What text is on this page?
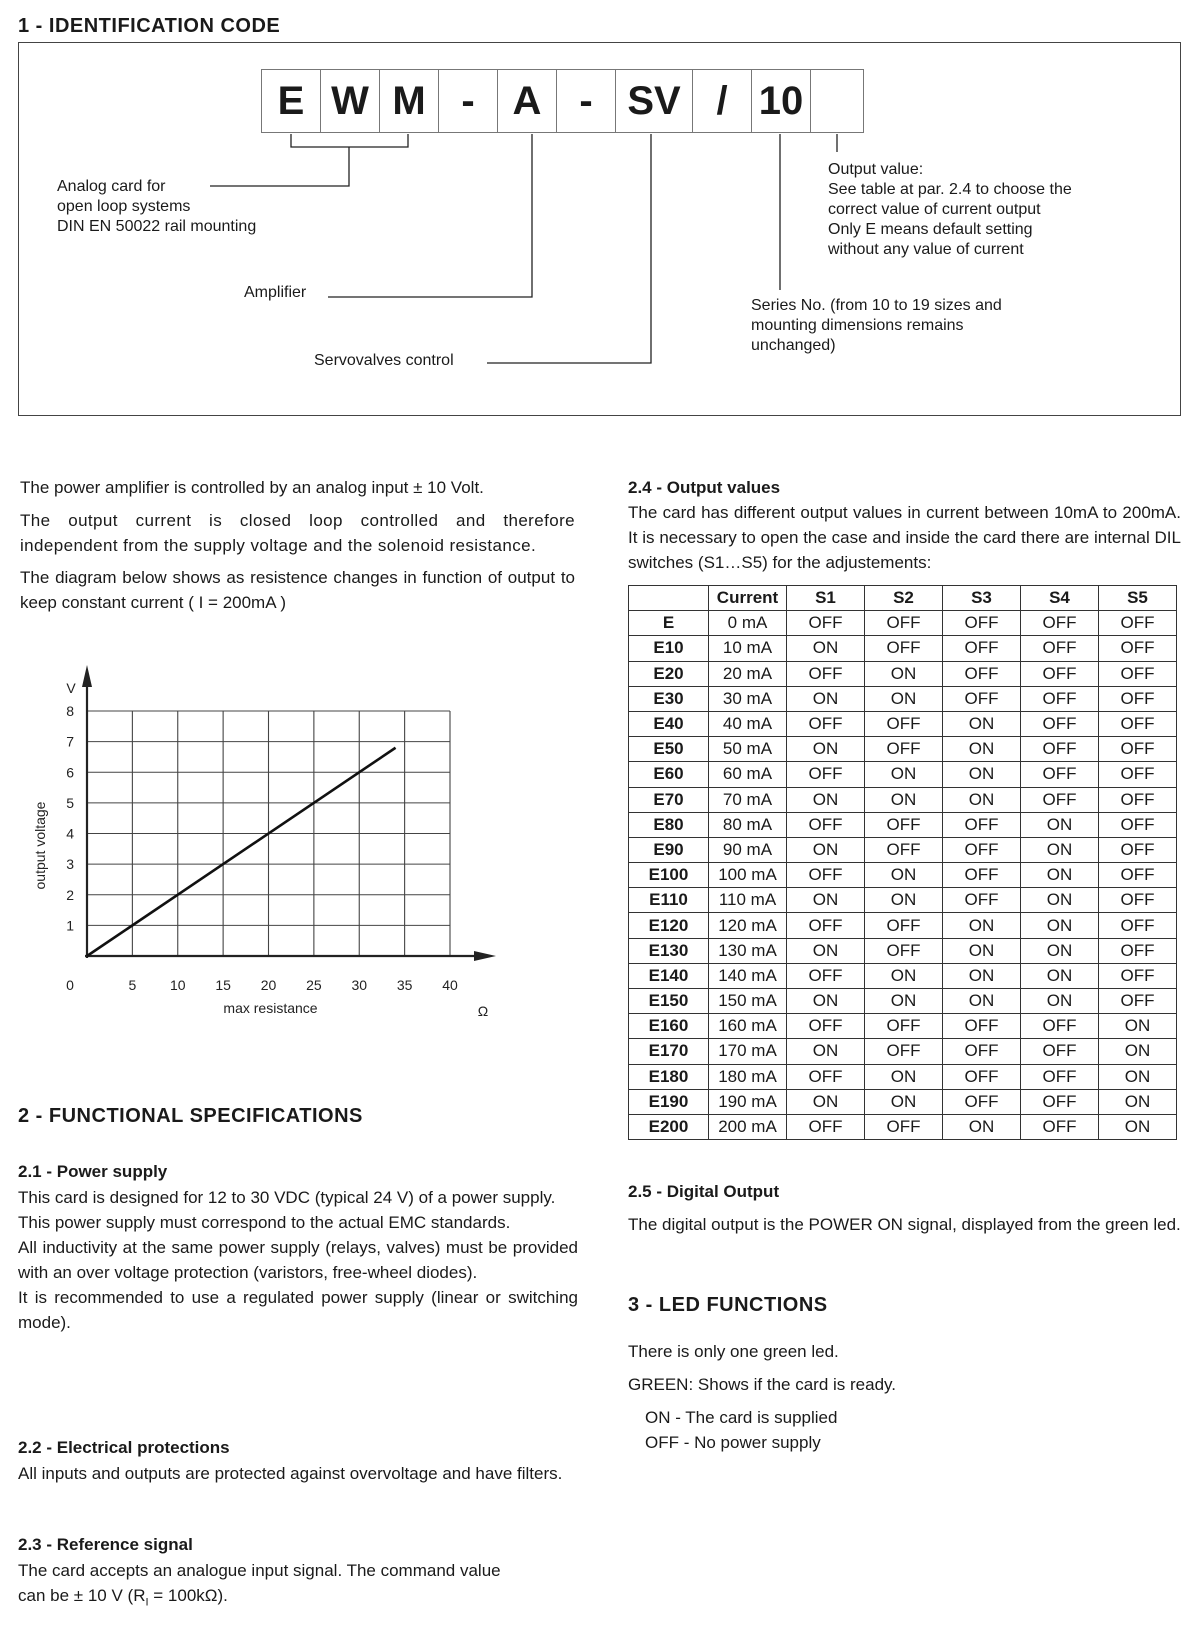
1 - IDENTIFICATION CODE
E W M - A - SV / 10
Analog card for
open loop systems
DIN EN 50022 rail mounting
Amplifier
Servovalves control
Output value:
See table at par. 2.4 to choose the
correct value of current output
Only E means default setting
without any value of current
Series No. (from 10 to 19 sizes and
mounting dimensions remains
unchanged)
The power amplifier is controlled by an analog input ± 10 Volt.
The output current is closed loop controlled and therefore independent from the supply voltage and the solenoid resistance.
The diagram below shows as resistence changes in function of output to keep constant current ( I = 200mA )
0	5 10 15 20 25 30 35 40
1
2
3
4
5
6
7
8
max resistance	Ω
V
output voltage
2 - FUNCTIONAL SPECIFICATIONS
2.1 - Power supply
This card is designed for 12 to 30 VDC (typical 24 V) of a power supply. This power supply must correspond to the actual EMC standards.
All inductivity at the same power supply (relays, valves) must be provided with an over voltage protection (varistors, free-wheel diodes).
It is recommended to use a regulated power supply (linear or switching mode).
2.2 - Electrical protections
All inputs and outputs are protected against overvoltage and have filters.
2.3 - Reference signal
The card accepts an analogue input signal. The command value
can be ± 10 V $(R_I = 100k\Omega)$.
2.4 - Output values
The card has different output values in current between 10mA to 200mA. It is necessary to open the case and inside the card there are internal DIL switches (S1…S5) for the adjustements:
	Current	S1	S2	S3	S4	S5
E	0 mA	OFF	OFF	OFF	OFF	OFF
E10	10 mA	ON	OFF	OFF	OFF	OFF
E20	20 mA	OFF	ON	OFF	OFF	OFF
E30	30 mA	ON	ON	OFF	OFF	OFF
E40	40 mA	OFF	OFF	ON	OFF	OFF
E50	50 mA	ON	OFF	ON	OFF	OFF
E60	60 mA	OFF	ON	ON	OFF	OFF
E70	70 mA	ON	ON	ON	OFF	OFF
E80	80 mA	OFF	OFF	OFF	ON	OFF
E90	90 mA	ON	OFF	OFF	ON	OFF
E100	100 mA	OFF	ON	OFF	ON	OFF
E110	110 mA	ON	ON	OFF	ON	OFF
E120	120 mA	OFF	OFF	ON	ON	OFF
E130	130 mA	ON	OFF	ON	ON	OFF
E140	140 mA	OFF	ON	ON	ON	OFF
E150	150 mA	ON	ON	ON	ON	OFF
E160	160 mA	OFF	OFF	OFF	OFF	ON
E170	170 mA	ON	OFF	OFF	OFF	ON
E180	180 mA	OFF	ON	OFF	OFF	ON
E190	190 mA	ON	ON	OFF	OFF	ON
E200	200 mA	OFF	OFF	ON	OFF	ON
2.5 - Digital Output
The digital output is the POWER ON signal, displayed from the green led.
3 - LED FUNCTIONS
There is only one green led.
GREEN: Shows if the card is ready.
ON - The card is supplied
OFF - No power supply
